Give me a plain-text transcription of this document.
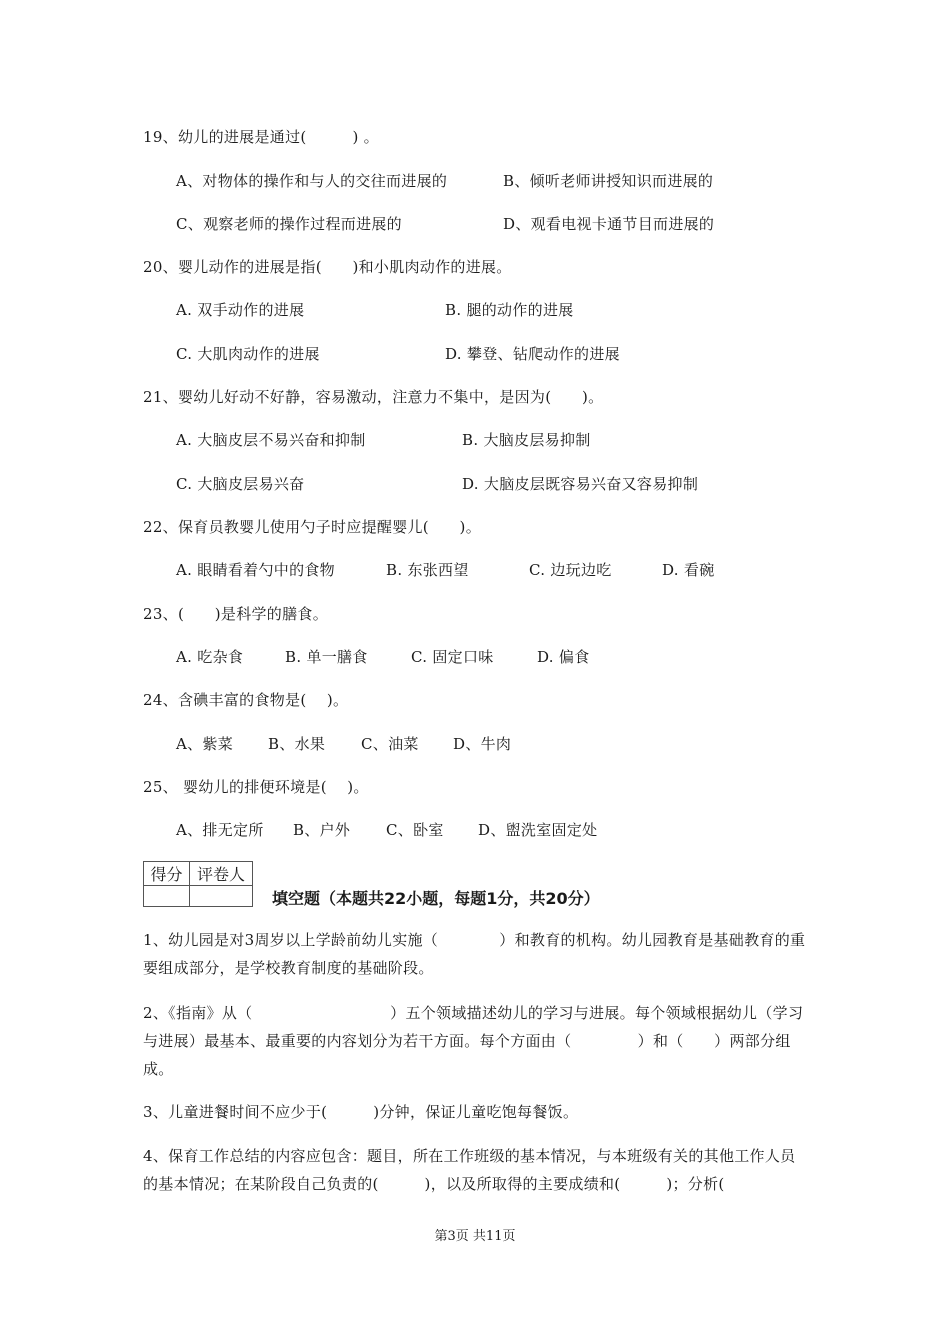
19、幼儿的进展是通过(　　　) 。
A、对物体的操作和与人的交往而进展的	B、倾听老师讲授知识而进展的
C、观察老师的操作过程而进展的	D、观看电视卡通节目而进展的
20、婴儿动作的进展是指(　　)和小肌肉动作的进展。
A. 双手动作的进展	B. 腿的动作的进展
C. 大肌肉动作的进展	D. 攀登、钻爬动作的进展
21、婴幼儿好动不好静，容易激动，注意力不集中，是因为(　　)。
A. 大脑皮层不易兴奋和抑制	B. 大脑皮层易抑制
C. 大脑皮层易兴奋	D. 大脑皮层既容易兴奋又容易抑制
22、保育员教婴儿使用勺子时应提醒婴儿(　　)。
A. 眼睛看着勺中的食物	B. 东张西望	C. 边玩边吃	D. 看碗
23、(　　)是科学的膳食。
A. 吃杂食	B. 单一膳食	C. 固定口味	D. 偏食
24、含碘丰富的食物是(　 )。
A、紫菜 B、水果 C、油菜 D、牛肉
25、 婴幼儿的排便环境是(　 )。
A、排无定所 B、户外 C、卧室 D、盥洗室固定处
得分	评卷人

填空题（本题共22小题，每题1分，共20分）
1、幼儿园是对3周岁以上学龄前幼儿实施（　　　　）和教育的机构。幼儿园教育是基础教育的重要组成部分，是学校教育制度的基础阶段。
2、《指南》从（　　　　　　　　　）五个领域描述幼儿的学习与进展。每个领域根据幼儿（学习与进展）最基本、最重要的内容划分为若干方面。每个方面由（　　　　 ）和（　　）两部分组成。
3、儿童进餐时间不应少于(　　　)分钟，保证儿童吃饱每餐饭。
4、保育工作总结的内容应包含：题目，所在工作班级的基本情况，与本班级有关的其他工作人员的基本情况；在某阶段自己负责的(　　　)，以及所取得的主要成绩和(　　　)；分析(
第3页 共11页
